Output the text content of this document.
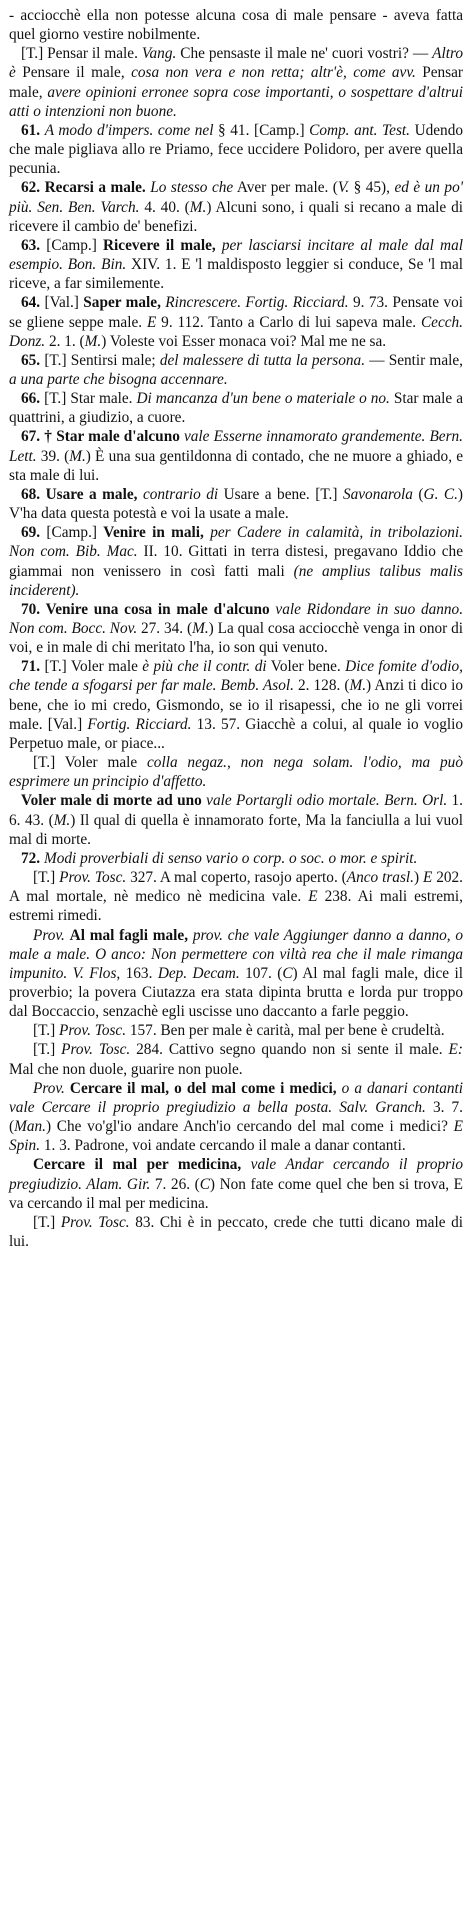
- acciocchè ella non potesse alcuna cosa di male pensare - aveva fatta quel giorno vestire nobilmente.

[T.] Pensar il male. Vang. Che pensaste il male ne' cuori vostri? — Altro è Pensare il male, cosa non vera e non retta; altr'è, come avv. Pensar male, avere opinioni erronee sopra cose importanti, o sospettare d'altrui atti o intenzioni non buone.

61. A modo d'impers. come nel § 41. [Camp.] Comp. ant. Test. Udendo che male pigliava allo re Priamo, fece uccidere Polidoro, per avere quella pecunia.

62. Recarsi a male. Lo stesso che Aver per male. (V. § 45), ed è un po' più. Sen. Ben. Varch. 4. 40. (M.) Alcuni sono, i quali si recano a male di ricevere il cambio de' benefizi.

63. [Camp.] Ricevere il male, per lasciarsi incitare al male dal mal esempio. Bon. Bin. XIV. 1. E 'l maldisposto leggier si conduce, Se 'l mal riceve, a far similemente.

64. [Val.] Saper male, Rincrescere. Fortig. Ricciard. 9. 73. Pensate voi se gliene seppe male. E 9. 112. Tanto a Carlo di lui sapeva male. Cecch. Donz. 2. 1. (M.) Voleste voi Esser monaca voi? Mal me ne sa.

65. [T.] Sentirsi male; del malessere di tutta la persona. — Sentir male, a una parte che bisogna accennare.

66. [T.] Star male. Di mancanza d'un bene o materiale o no. Star male a quattrini, a giudizio, a cuore.

67. † Star male d'alcuno vale Esserne innamorato grandemente. Bern. Lett. 39. (M.) È una sua gentildonna di contado, che ne muore a ghiado, e sta male di lui.

68. Usare a male, contrario di Usare a bene. [T.] Savonarola (G. C.) V'ha data questa potestà e voi la usate a male.

69. [Camp.] Venire in mali, per Cadere in calamità, in tribolazioni. Non com. Bib. Mac. II. 10. Gittati in terra distesi, pregavano Iddio che giammai non venissero in così fatti mali (ne amplius talibus malis inciderent).

70. Venire una cosa in male d'alcuno vale Ridondare in suo danno. Non com. Bocc. Nov. 27. 34. (M.) La qual cosa acciocchè venga in onor di voi, e in male di chi meritato l'ha, io son qui venuto.

71. [T.] Voler male è più che il contr. di Voler bene. Dice fomite d'odio, che tende a sfogarsi per far male. Bemb. Asol. 2. 128. (M.) Anzi ti dico io bene, che io mi credo, Gismondo, se io il risapessi, che io ne gli vorrei male. [Val.] Fortig. Ricciard. 13. 57. Giacchè a colui, al quale io voglio Perpetuo male, or piace...

[T.] Voler male colla negaz., non nega solam. l'odio, ma può esprimere un principio d'affetto.

Voler male di morte ad uno vale Portargli odio mortale. Bern. Orl. 1. 6. 43. (M.) Il qual di quella è innamorato forte, Ma la fanciulla a lui vuol mal di morte.

72. Modi proverbiali di senso vario o corp. o soc. o mor. e spirit.

[T.] Prov. Tosc. 327. A mal coperto, rasojo aperto. (Anco trasl.) E 202. A mal mortale, nè medico nè medicina vale. E 238. Ai mali estremi, estremi rimedi.

Prov. Al mal fagli male, prov. che vale Aggiunger danno a danno, o male a male. O anco: Non permettere con viltà rea che il male rimanga impunito. V. Flos, 163. Dep. Decam. 107. (C) Al mal fagli male, dice il proverbio; la povera Ciutazza era stata dipinta brutta e lorda pur troppo dal Boccaccio, senzachè egli uscisse uno daccanto a farle peggio.

[T.] Prov. Tosc. 157. Ben per male è carità, mal per bene è crudeltà.

[T.] Prov. Tosc. 284. Cattivo segno quando non si sente il male. E: Mal che non duole, guarire non puole.

Prov. Cercare il mal, o del mal come i medici, o a danari contanti vale Cercare il proprio pregiudizio a bella posta. Salv. Granch. 3. 7. (Man.) Che vo'gl'io andare Anch'io cercando del mal come i medici? E Spin. 1. 3. Padrone, voi andate cercando il male a danar contanti.

Cercare il mal per medicina, vale Andar cercando il proprio pregiudizio. Alam. Gir. 7. 26. (C) Non fate come quel che ben si trova, E va cercando il mal per medicina.

[T.] Prov. Tosc. 83. Chi è in peccato, crede che tutti dicano male di lui.
